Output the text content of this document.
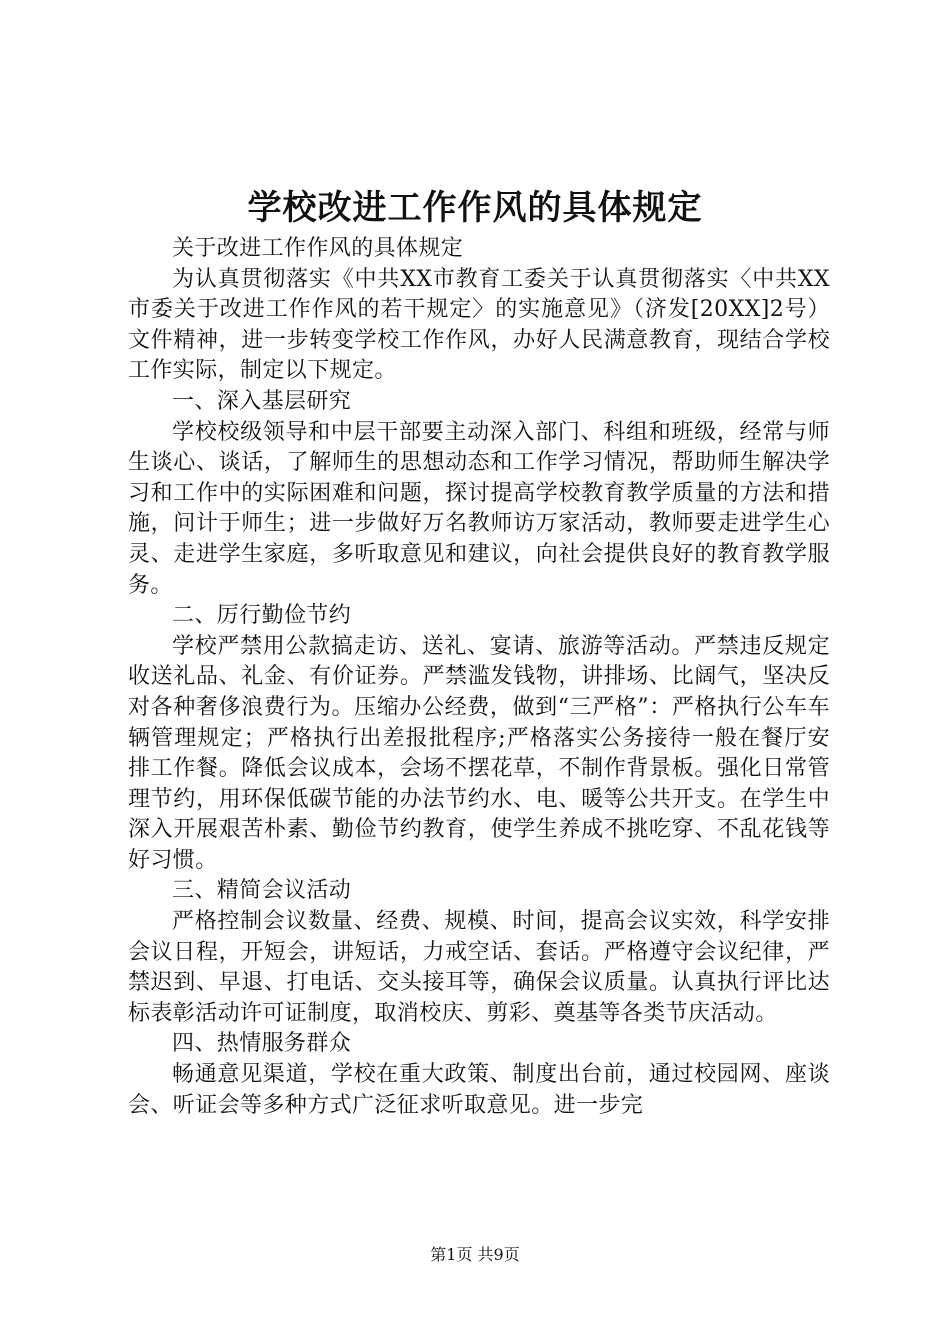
学校改进工作作风的具体规定

关于改进工作作风的具体规定

为认真贯彻落实《中共XX市教育工委关于认真贯彻落实〈中共XX市委关于改进工作作风的若干规定〉的实施意见》（济发[20XX]2号）文件精神，进一步转变学校工作作风，办好人民满意教育，现结合学校工作实际，制定以下规定。

一、深入基层研究

学校校级领导和中层干部要主动深入部门、科组和班级，经常与师生谈心、谈话，了解师生的思想动态和工作学习情况，帮助师生解决学习和工作中的实际困难和问题，探讨提高学校教育教学质量的方法和措施，问计于师生；进一步做好万名教师访万家活动，教师要走进学生心灵、走进学生家庭，多听取意见和建议，向社会提供良好的教育教学服务。

二、厉行勤俭节约

学校严禁用公款搞走访、送礼、宴请、旅游等活动。严禁违反规定收送礼品、礼金、有价证券。严禁滥发钱物，讲排场、比阔气，坚决反对各种奢侈浪费行为。压缩办公经费，做到“三严格”：严格执行公车车辆管理规定；严格执行出差报批程序;严格落实公务接待一般在餐厅安排工作餐。降低会议成本，会场不摆花草，不制作背景板。强化日常管理节约，用环保低碳节能的办法节约水、电、暖等公共开支。在学生中深入开展艰苦朴素、勤俭节约教育，使学生养成不挑吃穿、不乱花钱等好习惯。

三、精简会议活动

严格控制会议数量、经费、规模、时间，提高会议实效，科学安排会议日程，开短会，讲短话，力戒空话、套话。严格遵守会议纪律，严禁迟到、早退、打电话、交头接耳等，确保会议质量。认真执行评比达标表彰活动许可证制度，取消校庆、剪彩、奠基等各类节庆活动。

四、热情服务群众

畅通意见渠道，学校在重大政策、制度出台前，通过校园网、座谈会、听证会等多种方式广泛征求听取意见。进一步完

第1页 共9页
